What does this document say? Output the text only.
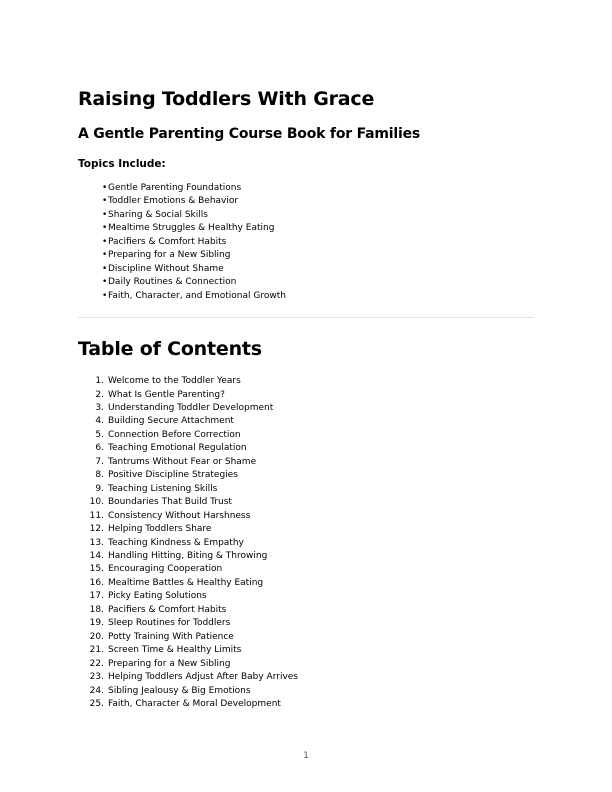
Raising Toddlers With Grace
A Gentle Parenting Course Book for Families
Topics Include:
•Gentle Parenting Foundations
•Toddler Emotions & Behavior
•Sharing & Social Skills
•Mealtime Struggles & Healthy Eating
•Pacifiers & Comfort Habits
•Preparing for a New Sibling
•Discipline Without Shame
•Daily Routines & Connection
•Faith, Character, and Emotional Growth
Table of Contents
1. Welcome to the Toddler Years
2. What Is Gentle Parenting?
3. Understanding Toddler Development
4. Building Secure Attachment
5. Connection Before Correction
6. Teaching Emotional Regulation
7. Tantrums Without Fear or Shame
8. Positive Discipline Strategies
9. Teaching Listening Skills
10. Boundaries That Build Trust
11. Consistency Without Harshness
12. Helping Toddlers Share
13. Teaching Kindness & Empathy
14. Handling Hitting, Biting & Throwing
15. Encouraging Cooperation
16. Mealtime Battles & Healthy Eating
17. Picky Eating Solutions
18. Pacifiers & Comfort Habits
19. Sleep Routines for Toddlers
20. Potty Training With Patience
21. Screen Time & Healthy Limits
22. Preparing for a New Sibling
23. Helping Toddlers Adjust After Baby Arrives
24. Sibling Jealousy & Big Emotions
25. Faith, Character & Moral Development
1
